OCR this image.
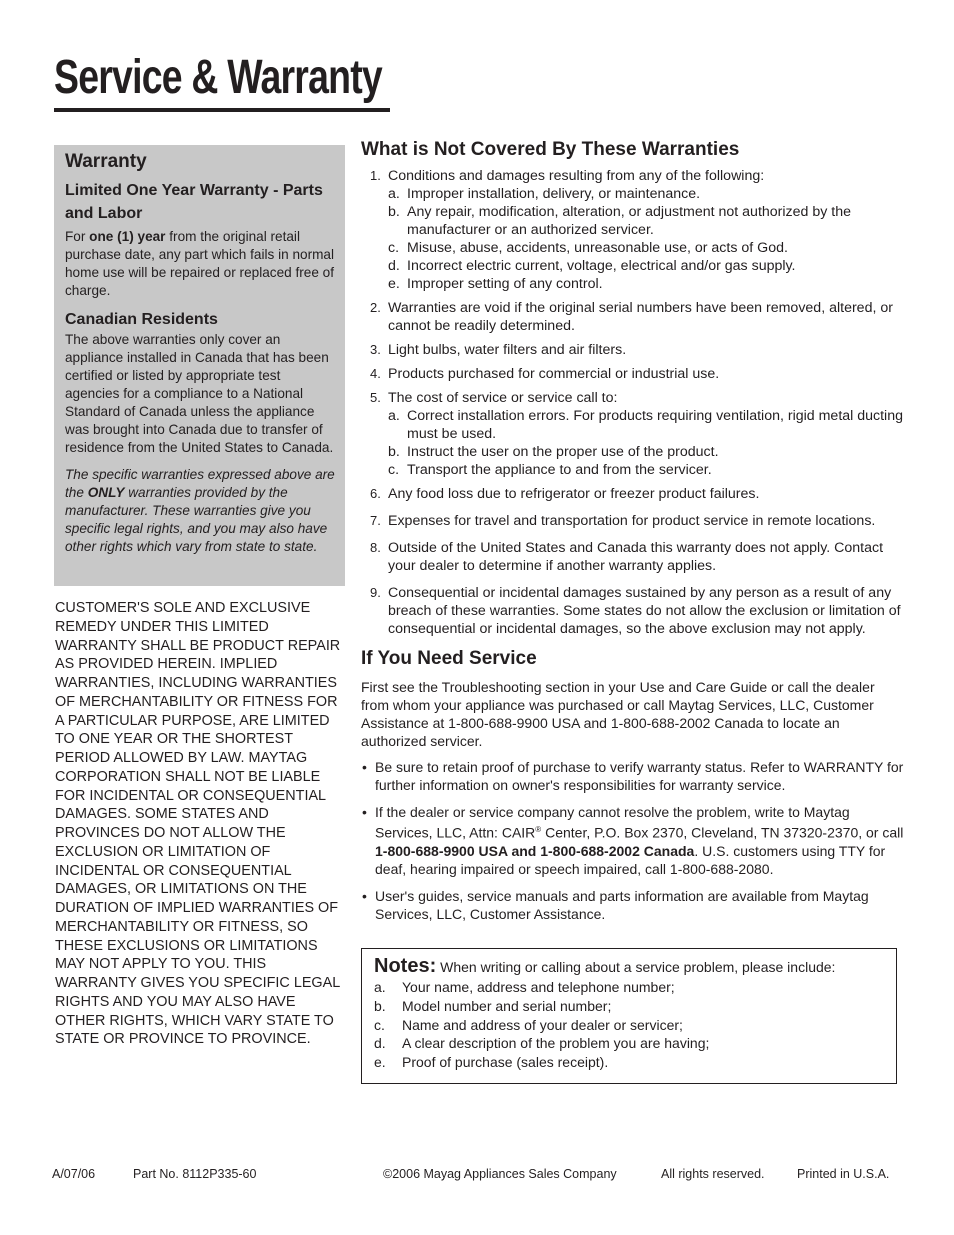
Service & Warranty
Warranty
Limited One Year Warranty - Parts and Labor

For one (1) year from the original retail purchase date, any part which fails in normal home use will be repaired or replaced free of charge.

Canadian Residents

The above warranties only cover an appliance installed in Canada that has been certified or listed by appropriate test agencies for a compliance to a National Standard of Canada unless the appliance was brought into Canada due to transfer of residence from the United States to Canada.

The specific warranties expressed above are the ONLY warranties provided by the manufacturer. These warranties give you specific legal rights, and you may also have other rights which vary from state to state.

CUSTOMER'S SOLE AND EXCLUSIVE REMEDY UNDER THIS LIMITED WARRANTY SHALL BE PRODUCT REPAIR AS PROVIDED HEREIN. IMPLIED WARRANTIES, INCLUDING WARRANTIES OF MERCHANTABILITY OR FITNESS FOR A PARTICULAR PURPOSE, ARE LIMITED TO ONE YEAR OR THE SHORTEST PERIOD ALLOWED BY LAW. MAYTAG CORPORATION SHALL NOT BE LIABLE FOR INCIDENTAL OR CONSEQUENTIAL DAMAGES. SOME STATES AND PROVINCES DO NOT ALLOW THE EXCLUSION OR LIMITATION OF INCIDENTAL OR CONSEQUENTIAL DAMAGES, OR LIMITATIONS ON THE DURATION OF IMPLIED WARRANTIES OF MERCHANTABILITY OR FITNESS, SO THESE EXCLUSIONS OR LIMITATIONS MAY NOT APPLY TO YOU. THIS WARRANTY GIVES YOU SPECIFIC LEGAL RIGHTS AND YOU MAY ALSO HAVE OTHER RIGHTS, WHICH VARY STATE TO STATE OR PROVINCE TO PROVINCE.
What is Not Covered By These Warranties
1. Conditions and damages resulting from any of the following:
a. Improper installation, delivery, or maintenance.
b. Any repair, modification, alteration, or adjustment not authorized by the manufacturer or an authorized servicer.
c. Misuse, abuse, accidents, unreasonable use, or acts of God.
d. Incorrect electric current, voltage, electrical and/or gas supply.
e. Improper setting of any control.
2. Warranties are void if the original serial numbers have been removed, altered, or cannot be readily determined.
3. Light bulbs, water filters and air filters.
4. Products purchased for commercial or industrial use.
5. The cost of service or service call to:
a. Correct installation errors. For products requiring ventilation, rigid metal ducting must be used.
b. Instruct the user on the proper use of the product.
c. Transport the appliance to and from the servicer.
6. Any food loss due to refrigerator or freezer product failures.
7. Expenses for travel and transportation for product service in remote locations.
8. Outside of the United States and Canada this warranty does not apply. Contact your dealer to determine if another warranty applies.
9. Consequential or incidental damages sustained by any person as a result of any breach of these warranties. Some states do not allow the exclusion or limitation of consequential or incidental damages, so the above exclusion may not apply.
If You Need Service

First see the Troubleshooting section in your Use and Care Guide or call the dealer from whom your appliance was purchased or call Maytag Services, LLC, Customer Assistance at 1-800-688-9900 USA and 1-800-688-2002 Canada to locate an authorized servicer.

• Be sure to retain proof of purchase to verify warranty status. Refer to WARRANTY for further information on owner's responsibilities for warranty service.
• If the dealer or service company cannot resolve the problem, write to Maytag Services, LLC, Attn: CAIR® Center, P.O. Box 2370, Cleveland, TN 37320-2370, or call 1-800-688-9900 USA and 1-800-688-2002 Canada. U.S. customers using TTY for deaf, hearing impaired or speech impaired, call 1-800-688-2080.
• User's guides, service manuals and parts information are available from Maytag Services, LLC, Customer Assistance.
Notes: When writing or calling about a service problem, please include:
a. Your name, address and telephone number;
b. Model number and serial number;
c. Name and address of your dealer or servicer;
d. A clear description of the problem you are having;
e. Proof of purchase (sales receipt).
A/07/06	Part No. 8112P335-60	©2006 Mayag Appliances Sales Company	All rights reserved.	Printed in U.S.A.
